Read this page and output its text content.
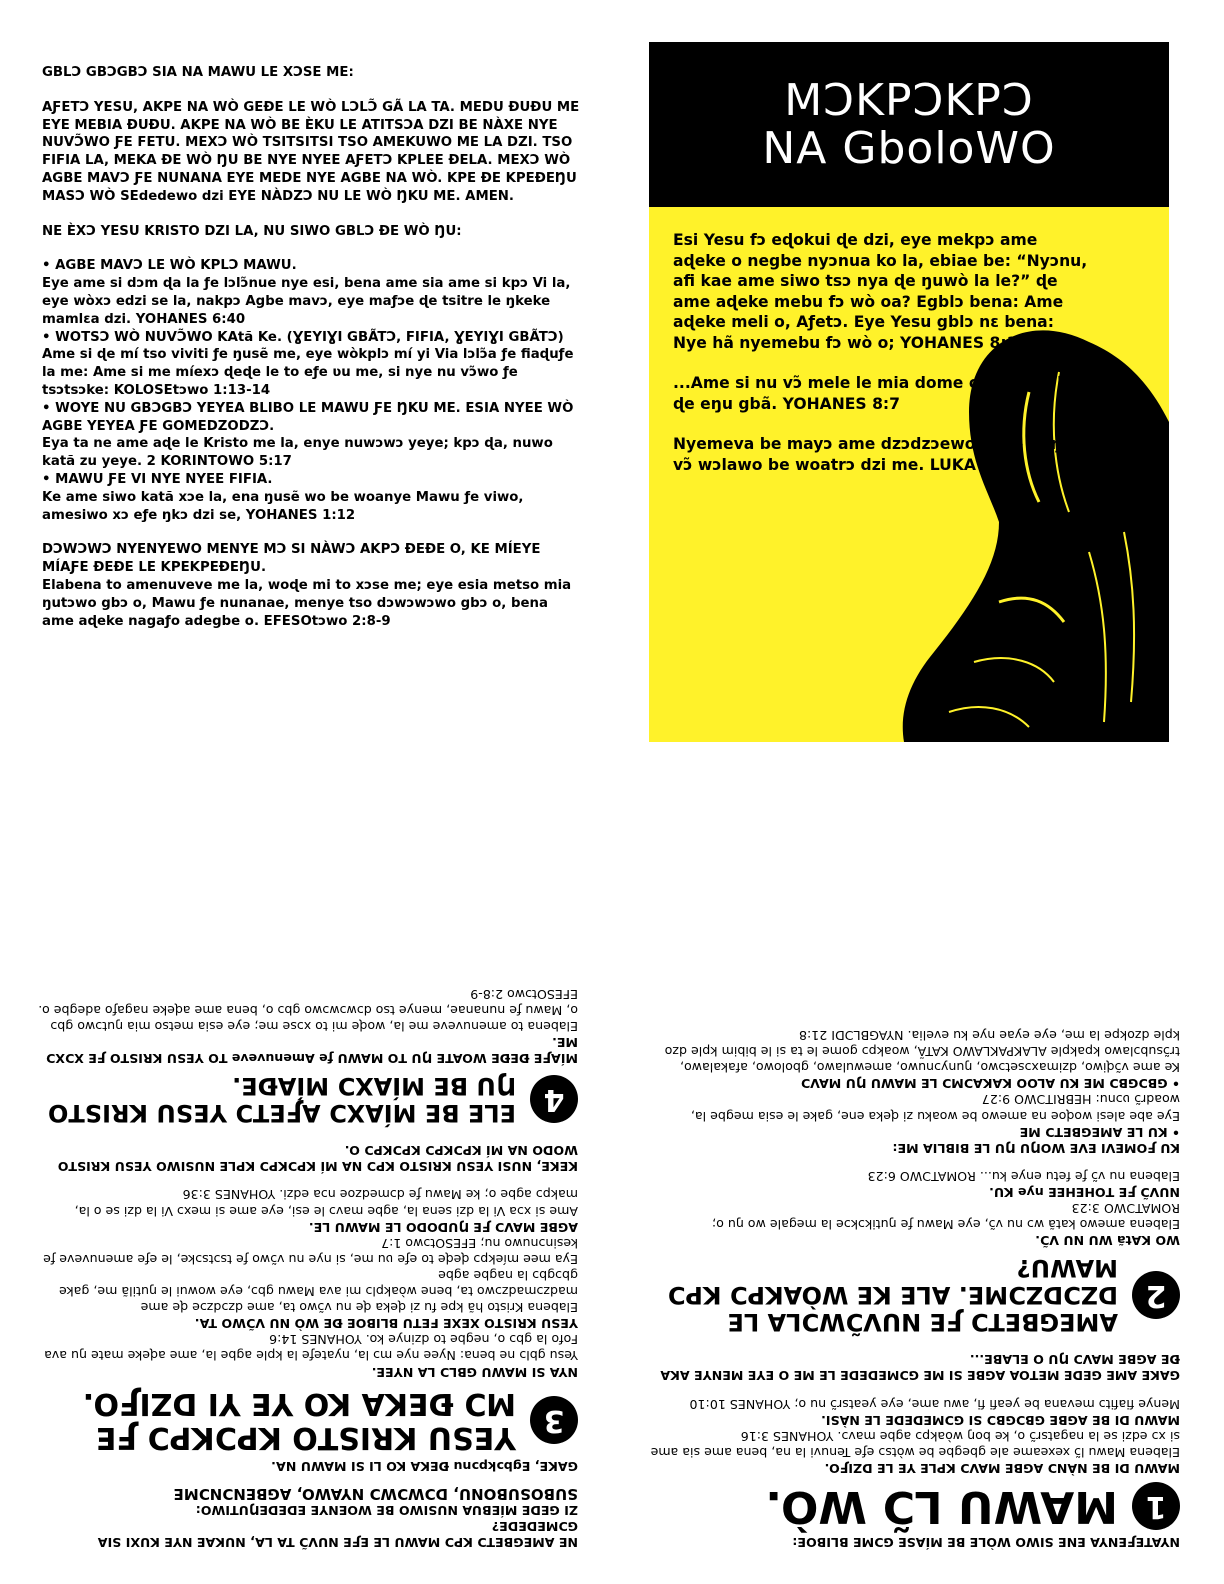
GBLƆ GBƆGBƆ SIA NA MAWU LE XƆSE ME:

AƑETƆ YESU, AKPE NA WÒ GEÐE LE WÒ LƆLƆ̃ GÃ LA TA. MEDU ÐUÐU ME EYE MEBIA ÐUÐU. AKPE NA WÒ BE ÈKU LE ATITSƆA DZI BE NÀXE NYE NUVƆ̃WO ƑE FETU. MEXƆ WÒ TSITSITSI TSO AMEKUWO ME LA DZI. TSO FIFIA LA, MEKA ÐE WÒ ŊU BE NYE NYEE AƑETƆ KPLEE ÐELA. MEXƆ WÒ AGBE MAVƆ ƑE NUNANA EYE MEDE NYE AGBE NA WÒ. KPE ÐE KPEÐEŊU MASƆ WÒ SEdedewo dzi EYE NÀDZƆ NU LE WÒ ŊKU ME. AMEN.

NE ÈXƆ YESU KRISTO DZI LA, NU SIWO GBLƆ ÐE WÒ ŊU:

• AGBE MAVƆ LE WÒ KPLƆ MAWU.

Eye ame si dɔm ɖa la ƒe lɔlɔ̃nue nye esi, bena ame sia ame si kpɔ Vi la, eye wòxɔ edzi se la, nakpɔ Agbe mavɔ, eye maƒɔe ɖe tsitre le ŋkeke mamlɛa dzi. YOHANES 6:40

• WOTSƆ WÒ NUVƆ̃WO KAtã Ke. (ƔEYIƔI GBÃTƆ, FIFIA, ƔEYIƔI GBÃTƆ)

Ame si ɖe mí tso viviti ƒe ŋusẽ me, eye wòkplɔ mí yi Via lɔlɔ̃a ƒe fiaɖuƒe la me: Ame si me míexɔ ɖeɖe le to eƒe ʋu me, si nye nu vɔ̃wo ƒe tsɔtsɔke: KOLOSEtɔwo 1:13-14

• WOYE NU GBƆGBƆ YEYEA BLIBO LE MAWU ƑE ŊKU ME. ESIA NYEE WÒ AGBE YEYEA ƑE GOMEDZODZƆ.

Eya ta ne ame aɖe le Kristo me la, enye nuwɔwɔ yeye; kpɔ ɖa, nuwo katã zu yeye. 2 KORINTOWO 5:17

• MAWU ƑE VI NYE NYEE FIFIA.

Ke ame siwo katã xɔe la, ena ŋusẽ wo be woanye Mawu ƒe viwo, amesiwo xɔ eƒe ŋkɔ dzi se, YOHANES 1:12

DƆWƆWƆ NYENYEWO MENYE MƆ SI NÀWƆ AKPƆ ÐEÐE O, KE MÍEYE MÍAƑE ÐEÐE LE KPEKPEÐEŊU.

Elabena to amenuveve me la, woɖe mi to xɔse me; eye esia metso mia ŋutɔwo gbɔ o, Mawu ƒe nunanae, menye tso dɔwɔwɔwo gbɔ o, bena ame aɖeke nagaƒo adegbe o. EFESOtɔwo 2:8-9

MƆKPƆKPƆ
NA GboloWO

Esi Yesu fɔ eɖokui ɖe dzi, eye mekpɔ ame aɖeke o negbe nyɔnua ko la, ebiae be: “Nyɔnu, afi kae ame siwo tsɔ nya ɖe ŋuwò la le?” ɖe ame aɖeke mebu fɔ wò oa? Egblɔ bena: Ame aɖeke meli o, Aƒetɔ. Eye Yesu gblɔ nɛ bena: Nye hã nyemebu fɔ wò o; YOHANES 8:10-11

...Ame si nu vɔ̃ mele le mia dome o la, neƒu kpe ɖe eŋu gbã. YOHANES 8:7

Nyemeva be mayɔ ame dzɔdzɔewo o, ke boŋ nu vɔ̃ wɔlawo be woatrɔ dzi me. LUKA 5:32

NE AMEGBETƆ KPƆ MAWU LE EƑE NUVƆ̃ TA LA, NUKAE NYE KUXI SIA GƆMEDEDE?

ZI GEDE MÍEBUA NUSIWO BE WOENYE EDEDEŊUTIWO:

SUBOSUBONU, DƆWƆWƆ NYAWO, AGBENƆNƆME

GAKE, Egbɔkpɔnu ÐEKA KO LI SI MAWU NA.

3
YESU KRISTO KPƆKPƆ ƑE MƆ ÐEKA KO YE YI DZIƑO.

NYA SI MAWU GBLƆ LA NYEE.

Yesu gblɔ ne bena: Nyee nye mɔ la, nyateƒe la kple agbe la, ame aɖeke mate ŋu ava Fofo la gbɔ o, negbe to dzinye ko. YOHANES 14:6

YESU KRISTO XEXE FETU BLIBOE ÐE WÒ NU VƆ̃WO TA.

Elabena Kristo hã kpe fu zi ɖeka ɖe nu vɔ̃wo ta, ame dzɔdzɔe ɖe ame madzɔmadzɔwo ta, bene wòakplɔ mi ava Mawu gbɔ, eye wowui le ŋutilã me, gake gbɔgbɔ la nagbe agbe

Eya mee míekpɔ ɖeɖe to eƒe ʋu me, si nye nu vɔ̃wo ƒe tsɔtsɔke, le eƒe amenuveve ƒe kesinɔnuwo nu; EFESOtɔwo 1:7

AGBE MAVƆ ƑE ŊUDODO LE MAWU LE.

Ame si xɔa Vi la dzi sena la, agbe mavɔ le esi, eye ame si mexɔ Vi la dzi se o la, makpɔ agbe o; ke Mawu ƒe dɔmedzoe nɔa edzi. YOHANES 3:36

KEKE, NUSI YESU KRISTO KPƆ NA MÍ KPƆKPƆ KPLE NUSIWO YESU KRISTO WODO NA MÍ KPƆKPƆ KPƆKPƆ O.

4
ELE BE MÍAXƆ AƑETƆ YESU KRISTO ŊU BE MÍAXƆ MÍAÐE.

MÍAƑE ÐEÐE WOATE ŊU TO MAWU ƒe Amenuveve TO YESU KRISTO ƑE XƆXƆ ME.

Elabena to amenuveve me la, woɖe mi to xɔse me; eye esia metso mia ŋutɔwo gbɔ o, Mawu ƒe nunanae, menye tso dɔwɔwɔwo gbɔ o, bena ame aɖeke nagaƒo adegbe o. EFESOtɔwo 2:8-9

NYATEƑENYA ENE SIWO WÒLE BE MÍASE GƆME BLIBOE:

1
MAWU LƆ̃ WÒ.

MAWU DI BE NÀNƆ AGBE MAVƆ KPLE YE LE DZIƑO.

Elabena Mawu lɔ̃ xexeame ale gbegbe be wòtsɔ eƒe Tenuvi la na, bena ame sia ame si xɔ edzi se la nagatsrɔ̃ o, ke boŋ wòakpɔ agbe mavɔ. YOHANES 3:16

MAWU DI BE AGBE GBƆGBƆ SI GƆMEDEDE LE NÀSI.

Menye fiafitɔ mevana be yeafi fi, awu ame, eye yeatsrɔ̃ nu o; YOHANES 10:10

GAKE AME GEDE METOA AGBE SI ME GƆMEDEDE LE ME O EYE MENYE AKA ÐE AGBE MAVƆ ŊU O ELABE...

2
AMEGBETƆ ƑE NUVƆ̃WƆLA LE DZƆDZƆME. ALE KE WÒAKPƆ KPƆ MAWU?

WO KAtã WU NU VƆ̃.

Elabena amewo katã wɔ nu vɔ̃, eye Mawu ƒe ŋutikɔkɔe la megale wo ŋu o; ROMATƆWO 3:23

NUVƆ̃ ƑE TOHEHEE nye KU.

Elabena nu vɔ̃ ƒe fetu enye ku... ROMATƆWO 6:23

KU ƑOMEVI EVE WOŊU ŊU LE BIBLIA ME:

• KU LE AMEGBETƆ ME

Eye abe alesi woɖoe na amewo be woaku zi ɖeka ene, gake le esia megbe la, woadrɔ̃ ʋɔnu: HEBRITƆWO 9:27

• GBƆGBƆ ME KU ALOO KAKAƆMƆ LE MAWU ŊU MAVƆ

Ke ame vɔ̃ɖiwo, dzimaxɔsetɔwo, ŋunyɔnuwo, amewulawo, gbolowo, afakalawo, trɔ̃subɔlawo kpakple ALAKPAKLAWO KATÃ, woakpɔ gome le ta si le bibim kple dzo kple dzokpe la me, eye eyae nye ku evelia. NYAGBLƆDI 21:8
